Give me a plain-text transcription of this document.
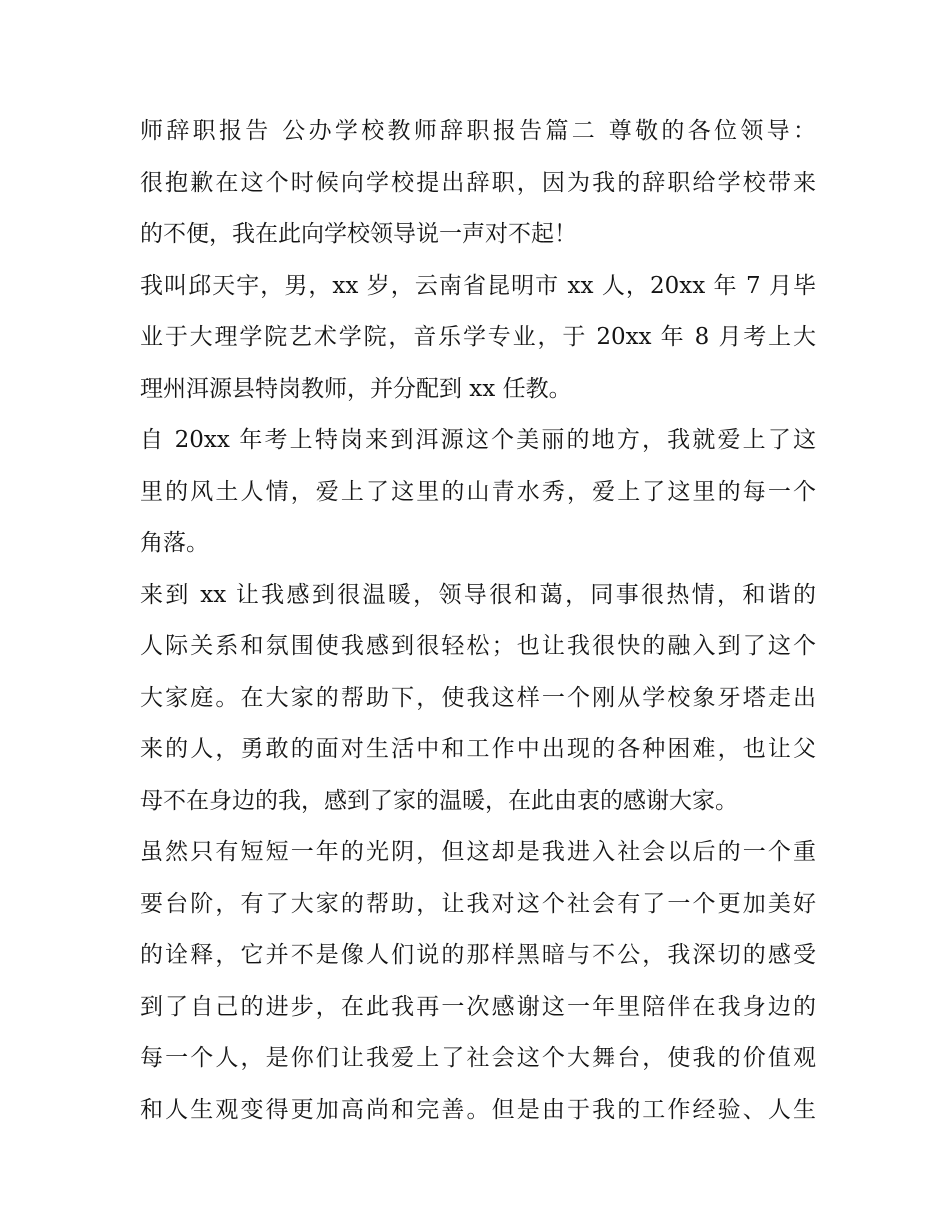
师辞职报告 公办学校教师辞职报告篇二 尊敬的各位领导：
很抱歉在这个时候向学校提出辞职，因为我的辞职给学校带来
的不便，我在此向学校领导说一声对不起！
我叫邱天宇，男，xx 岁，云南省昆明市 xx 人，20xx 年 7 月毕
业于大理学院艺术学院，音乐学专业，于 20xx 年 8 月考上大
理州洱源县特岗教师，并分配到 xx 任教。
自 20xx 年考上特岗来到洱源这个美丽的地方，我就爱上了这
里的风土人情，爱上了这里的山青水秀，爱上了这里的每一个
角落。
来到 xx 让我感到很温暖，领导很和蔼，同事很热情，和谐的
人际关系和氛围使我感到很轻松；也让我很快的融入到了这个
大家庭。在大家的帮助下，使我这样一个刚从学校象牙塔走出
来的人，勇敢的面对生活中和工作中出现的各种困难，也让父
母不在身边的我，感到了家的温暖，在此由衷的感谢大家。
虽然只有短短一年的光阴，但这却是我进入社会以后的一个重
要台阶，有了大家的帮助，让我对这个社会有了一个更加美好
的诠释，它并不是像人们说的那样黑暗与不公，我深切的感受
到了自己的进步，在此我再一次感谢这一年里陪伴在我身边的
每一个人，是你们让我爱上了社会这个大舞台，使我的价值观
和人生观变得更加高尚和完善。但是由于我的工作经验、人生
